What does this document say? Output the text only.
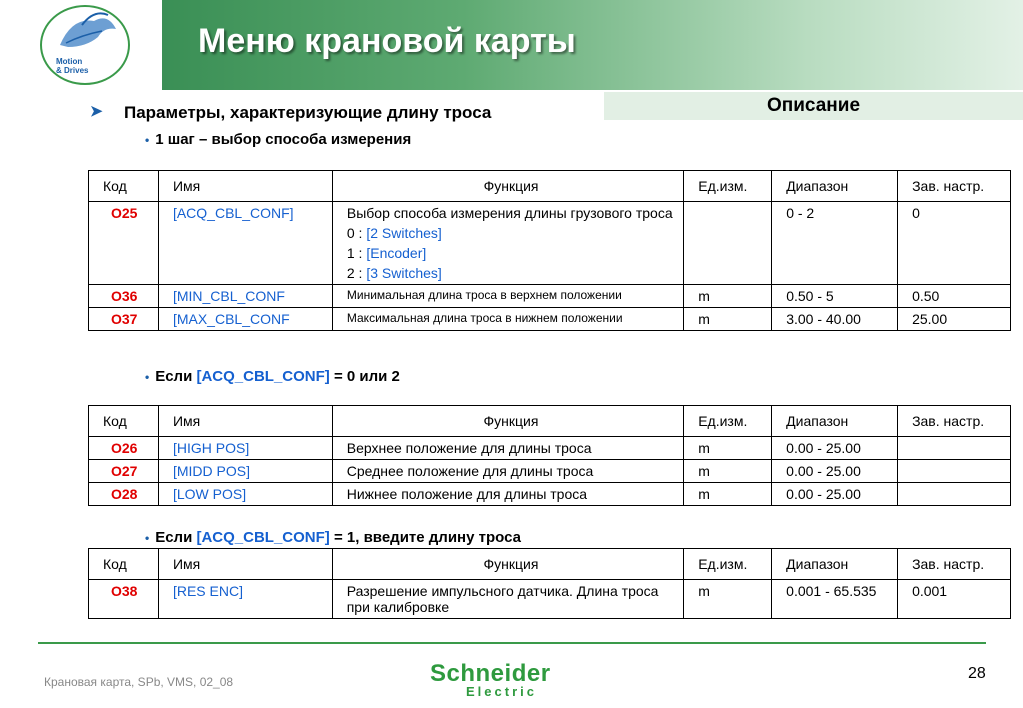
Motion
& Drives
Меню крановой карты
Описание
➤ Параметры, характеризующие длину троса
• 1 шаг – выбор способа измерения
Код	Имя	Функция	Ед.изм.	Диапазон	Зав. настр.
O25	[ACQ_CBL_CONF]	Выбор способа измерения длины грузового троса
0 : [2 Switches]
1 : [Encoder]
2 : [3 Switches]		0 - 2	0
O36	[MIN_CBL_CONF	Минимальная длина троса в верхнем положении	m	0.50 - 5	0.50
O37	[MAX_CBL_CONF	Максимальная длина троса в нижнем положении	m	3.00 - 40.00	25.00
• Если [ACQ_CBL_CONF] = 0 или 2
Код	Имя	Функция	Ед.изм.	Диапазон	Зав. настр.
O26	[HIGH POS]	Верхнее положение для длины троса	m	0.00 - 25.00	
O27	[MIDD POS]	Среднее положение для длины троса	m	0.00 - 25.00	
O28	[LOW POS]	Нижнее положение для длины троса	m	0.00 - 25.00	
• Если [ACQ_CBL_CONF] = 1, введите длину троса
Код	Имя	Функция	Ед.изм.	Диапазон	Зав. настр.
O38	[RES ENC]	Разрешение импульсного датчика. Длина троса при калибровке	m	0.001 - 65.535	0.001
Крановая карта, SPb, VMS, 02_08	Schneider
Electric
28
